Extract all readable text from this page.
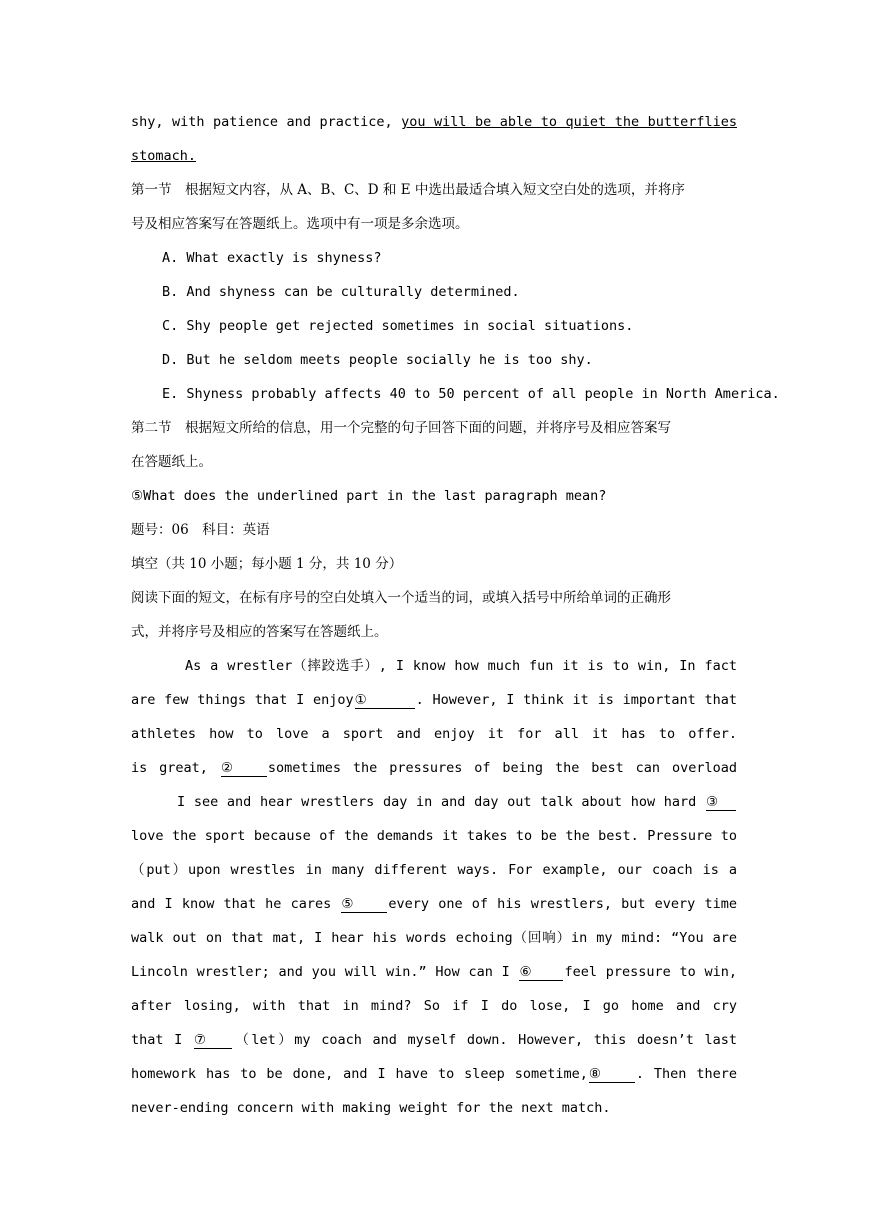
shy, with patience and practice, you will be able to quiet the butterflies
stomach.
第一节　根据短文内容，从 A、B、C、D 和 E 中选出最适合填入短文空白处的选项，并将序
号及相应答案写在答题纸上。选项中有一项是多余选项。
A. What exactly is shyness?
B. And shyness can be culturally determined.
C. Shy people get rejected sometimes in social situations.
D. But he seldom meets people socially he is too shy.
E. Shyness probably affects 40 to 50 percent of all people in North America.
第二节　根据短文所给的信息，用一个完整的句子回答下面的问题，并将序号及相应答案写
在答题纸上。
⑤What does the underlined part in the last paragraph mean?
题号：06　科目：英语
填空（共 10 小题；每小题 1 分，共 10 分）
阅读下面的短文，在标有序号的空白处填入一个适当的词，或填入括号中所给单词的正确形
式，并将序号及相应的答案写在答题纸上。
As a wrestler（摔跤选手）, I know how much fun it is to win, In fact
are few things that I enjoy①	. However, I think it is important that
athletes how to love a sport and enjoy it for all it has to offer.
is great, ②	sometimes the pressures of being the best can overload
I see and hear wrestlers day in and day out talk about how hard ③
love the sport because of the demands it takes to be the best. Pressure to
（put）upon wrestles in many different ways. For example, our coach is a
and I know that he cares ⑤	every one of his wrestlers, but every time
walk out on that mat, I hear his words echoing（回响）in my mind: “You are
Lincoln wrestler; and you will win.” How can I ⑥ feel pressure to win,
after losing, with that in mind? So if I do lose, I go home and cry
that I ⑦ （let）my coach and myself down. However, this doesn’t last
homework has to be done, and I have to sleep sometime,⑧	. Then there
never-ending concern with making weight for the next match.
